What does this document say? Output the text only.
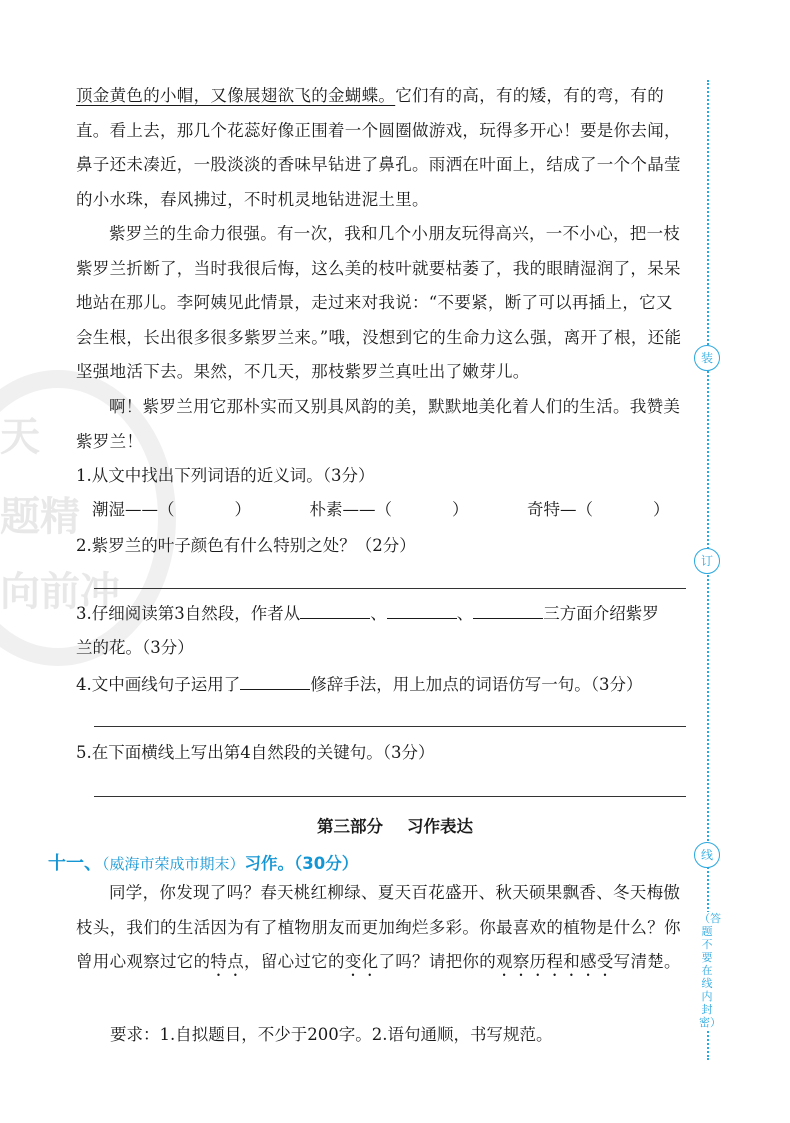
天
题精
向前冲

顶金黄色的小帽，又像展翅欲飞的金蝴蝶。它们有的高，有的矮，有的弯，有的直。看上去，那几个花蕊好像正围着一个圆圈做游戏，玩得多开心！要是你去闻，鼻子还未凑近，一股淡淡的香味早钻进了鼻孔。雨洒在叶面上，结成了一个个晶莹的小水珠，春风拂过，不时机灵地钻进泥土里。

紫罗兰的生命力很强。有一次，我和几个小朋友玩得高兴，一不小心，把一枝紫罗兰折断了，当时我很后悔，这么美的枝叶就要枯萎了，我的眼睛湿润了，呆呆地站在那儿。李阿姨见此情景，走过来对我说：“不要紧，断了可以再插上，它又会生根，长出很多很多紫罗兰来。”哦，没想到它的生命力这么强，离开了根，还能坚强地活下去。果然，不几天，那枝紫罗兰真吐出了嫩芽儿。

啊！紫罗兰用它那朴实而又别具风韵的美，默默地美化着人们的生活。我赞美紫罗兰！

1.从文中找出下列词语的近义词。（3分）

潮湿——（	）	朴素——（	）	奇特—（	）

2.紫罗兰的叶子颜色有什么特别之处？（2分）

3.仔细阅读第3自然段，作者从	、	、	三方面介绍紫罗

兰的花。（3分）

4.文中画线句子运用了	修辞手法，用上加点的词语仿写一句。（3分）

5.在下面横线上写出第4自然段的关键句。（3分）

第三部分 习作表达
十一、（威海市荣成市期末）习作。（30分）

同学，你发现了吗？春天桃红柳绿、夏天百花盛开、秋天硕果飘香、冬天梅傲枝头，我们的生活因为有了植物朋友而更加绚烂多彩。你最喜欢的植物是什么？你曾用心观察过它的特点，留心过它的变化了吗？请把你的观察历程和感受写清楚。

要求：1.自拟题目，不少于200字。2.语句通顺，书写规范。

装
订
线
（答题不要在线内封密）
